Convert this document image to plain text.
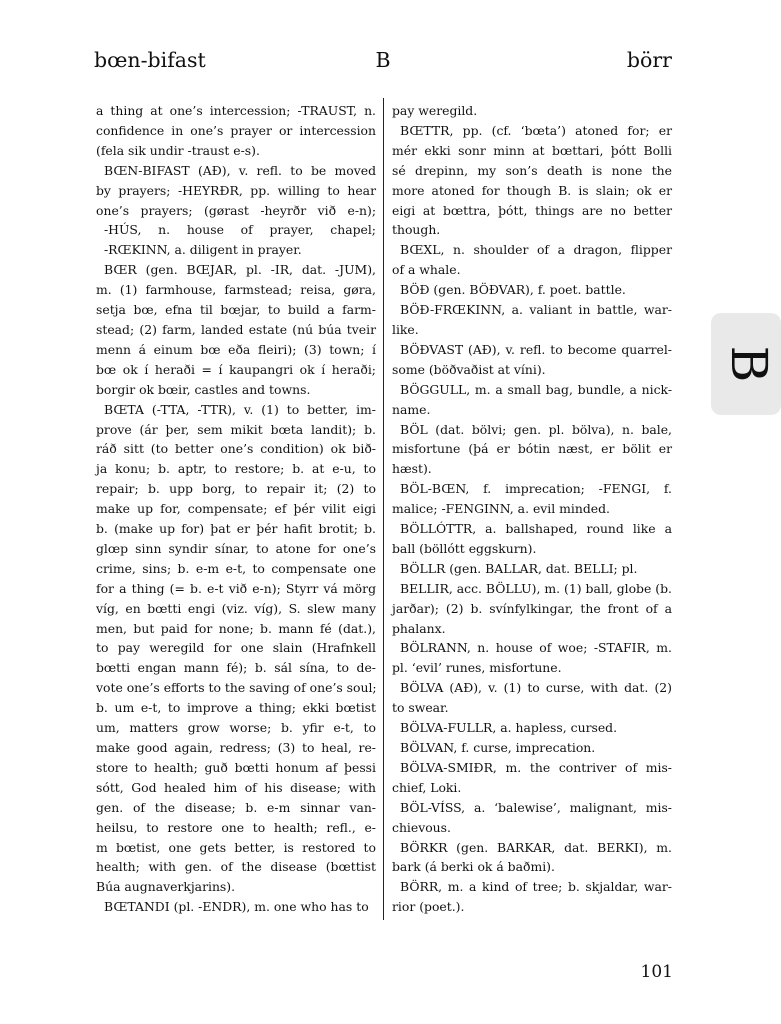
bœn-bifast	B	börr
a thing at one’s intercession; -TRAUST, n.
confidence in one’s prayer or intercession
(fela sik undir -traust e-s).
BŒN-BIFAST (AÐ), v. refl. to be moved
by prayers; -HEYRÐR, pp. willing to hear
one’s prayers; (gørast -heyrðr við e-n);
-HÚS, n. house of prayer, chapel;
-RŒKINN, a. diligent in prayer.
BŒR (gen. BŒJAR, pl. -IR, dat. -JUM),
m. (1) farmhouse, farmstead; reisa, gøra,
setja bœ, efna til bœjar, to build a farm-
stead; (2) farm, landed estate (nú búa tveir
menn á einum bœ eða fleiri); (3) town; í
bœ ok í heraði = í kaupangri ok í heraði;
borgir ok bœir, castles and towns.
BŒTA (-TTA, -TTR), v. (1) to better, im-
prove (ár þer, sem mikit bœta landit); b.
ráð sitt (to better one’s condition) ok bið-
ja konu; b. aptr, to restore; b. at e-u, to
repair; b. upp borg, to repair it; (2) to
make up for, compensate; ef þér vilit eigi
b. (make up for) þat er þér hafit brotit; b.
glœp sinn syndir sínar, to atone for one’s
crime, sins; b. e-m e-t, to compensate one
for a thing (= b. e-t við e-n); Styrr vá mörg
víg, en bœtti engi (viz. víg), S. slew many
men, but paid for none; b. mann fé (dat.),
to pay weregild for one slain (Hrafnkell
bœtti engan mann fé); b. sál sína, to de-
vote one’s efforts to the saving of one’s soul;
b. um e-t, to improve a thing; ekki bœtist
um, matters grow worse; b. yfir e-t, to
make good again, redress; (3) to heal, re-
store to health; guð bœtti honum af þessi
sótt, God healed him of his disease; with
gen. of the disease; b. e-m sinnar van-
heilsu, to restore one to health; refl., e-
m bœtist, one gets better, is restored to
health; with gen. of the disease (bœttist
Búa augnaverkjarins).
BŒTANDI (pl. -ENDR), m. one who has to
pay weregild.
BŒTTR, pp. (cf. ‘bœta’) atoned for; er
mér ekki sonr minn at bœttari, þótt Bolli
sé drepinn, my son’s death is none the
more atoned for though B. is slain; ok er
eigi at bœttra, þótt, things are no better
though.
BŒXL, n. shoulder of a dragon, flipper
of a whale.
BÖÐ (gen. BÖÐVAR), f. poet. battle.
BÖÐ-FRŒKINN, a. valiant in battle, war-
like.
BÖÐVAST (AÐ), v. refl. to become quarrel-
some (böðvaðist at víni).
BÖGGULL, m. a small bag, bundle, a nick-
name.
BÖL (dat. bölvi; gen. pl. bölva), n. bale,
misfortune (þá er bótin næst, er bölit er
hæst).
BÖL-BŒN, f. imprecation; -FENGI, f.
malice; -FENGINN, a. evil minded.
BÖLLÓTTR, a. ballshaped, round like a
ball (böllótt eggskurn).
BÖLLR (gen. BALLAR, dat. BELLI; pl.
BELLIR, acc. BÖLLU), m. (1) ball, globe (b.
jarðar); (2) b. svínfylkingar, the front of a
phalanx.
BÖLRANN, n. house of woe; -STAFIR, m.
pl. ‘evil’ runes, misfortune.
BÖLVA (AÐ), v. (1) to curse, with dat. (2)
to swear.
BÖLVA-FULLR, a. hapless, cursed.
BÖLVAN, f. curse, imprecation.
BÖLVA-SMIÐR, m. the contriver of mis-
chief, Loki.
BÖL-VÍSS, a. ‘balewise’, malignant, mis-
chievous.
BÖRKR (gen. BARKAR, dat. BERKI), m.
bark (á berki ok á baðmi).
BÖRR, m. a kind of tree; b. skjaldar, war-
rior (poet.).
B
101
